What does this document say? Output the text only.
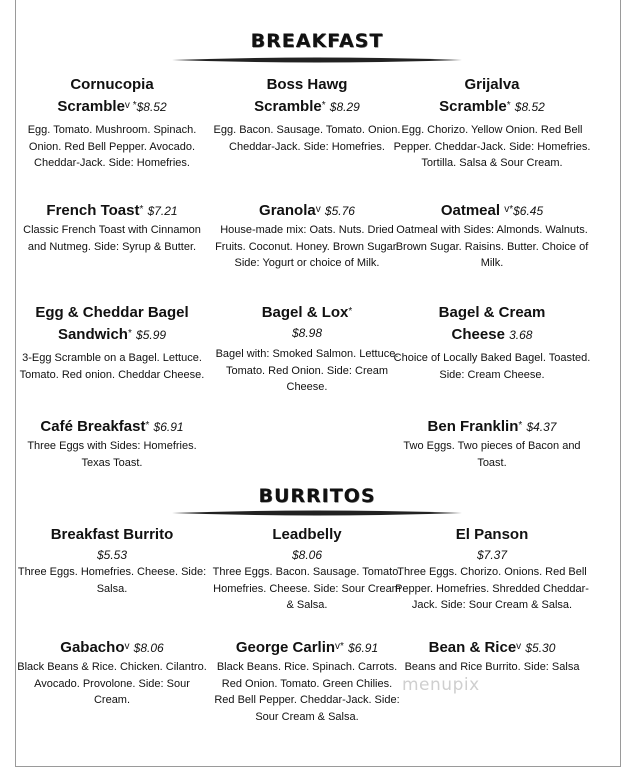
BREAKFAST
Cornucopia
Scramble$^{v *}$\$8.52
Egg. Tomato. Mushroom. Spinach. Onion. Red Bell Pepper. Avocado. Cheddar-Jack. Side: Homefries.
Boss Hawg
Scramble* $8.29
Egg. Bacon. Sausage. Tomato. Onion. Cheddar-Jack. Side: Homefries.
Grijalva
Scramble* $8.52
Egg. Chorizo. Yellow Onion. Red Bell Pepper. Cheddar-Jack. Side: Homefries. Tortilla. Salsa & Sour Cream.
French Toast* $7.21
Classic French Toast with Cinnamon and Nutmeg. Side: Syrup & Butter.
Granola$^v$ $5.76
House-made mix: Oats. Nuts. Dried Fruits. Coconut. Honey. Brown Sugar. Side: Yogurt or choice of Milk.
Oatmeal $^{v*}$\$6.45
Oatmeal with Sides: Almonds. Walnuts. Brown Sugar. Raisins. Butter. Choice of Milk.
Egg & Cheddar Bagel
Sandwich* $5.99
3-Egg Scramble on a Bagel. Lettuce. Tomato. Red onion. Cheddar Cheese.
Bagel & Lox*
$8.98
Bagel with: Smoked Salmon. Lettuce. Tomato. Red Onion. Side: Cream Cheese.
Bagel & Cream
Cheese 3.68
Choice of Locally Baked Bagel. Toasted. Side: Cream Cheese.
Café Breakfast* $6.91
Three Eggs with Sides: Homefries. Texas Toast.
Ben Franklin* $4.37
Two Eggs. Two pieces of Bacon and Toast.
BURRITOS
Breakfast Burrito
$5.53
Three Eggs. Homefries. Cheese. Side: Salsa.
Leadbelly
$8.06
Three Eggs. Bacon. Sausage. Tomato. Homefries. Cheese. Side: Sour Cream & Salsa.
El Panson
$7.37
Three Eggs. Chorizo. Onions. Red Bell Pepper. Homefries. Shredded Cheddar-Jack. Side: Sour Cream & Salsa.
Gabacho$^v$ $8.06
Black Beans & Rice. Chicken. Cilantro. Avocado. Provolone. Side: Sour Cream.
George Carlin$^{v*}$ $6.91
Black Beans. Rice. Spinach. Carrots. Red Onion. Tomato. Green Chilies. Red Bell Pepper. Cheddar-Jack. Side: Sour Cream & Salsa.
Bean & Rice$^v$ $5.30
Beans and Rice Burrito. Side: Salsa
menupix
